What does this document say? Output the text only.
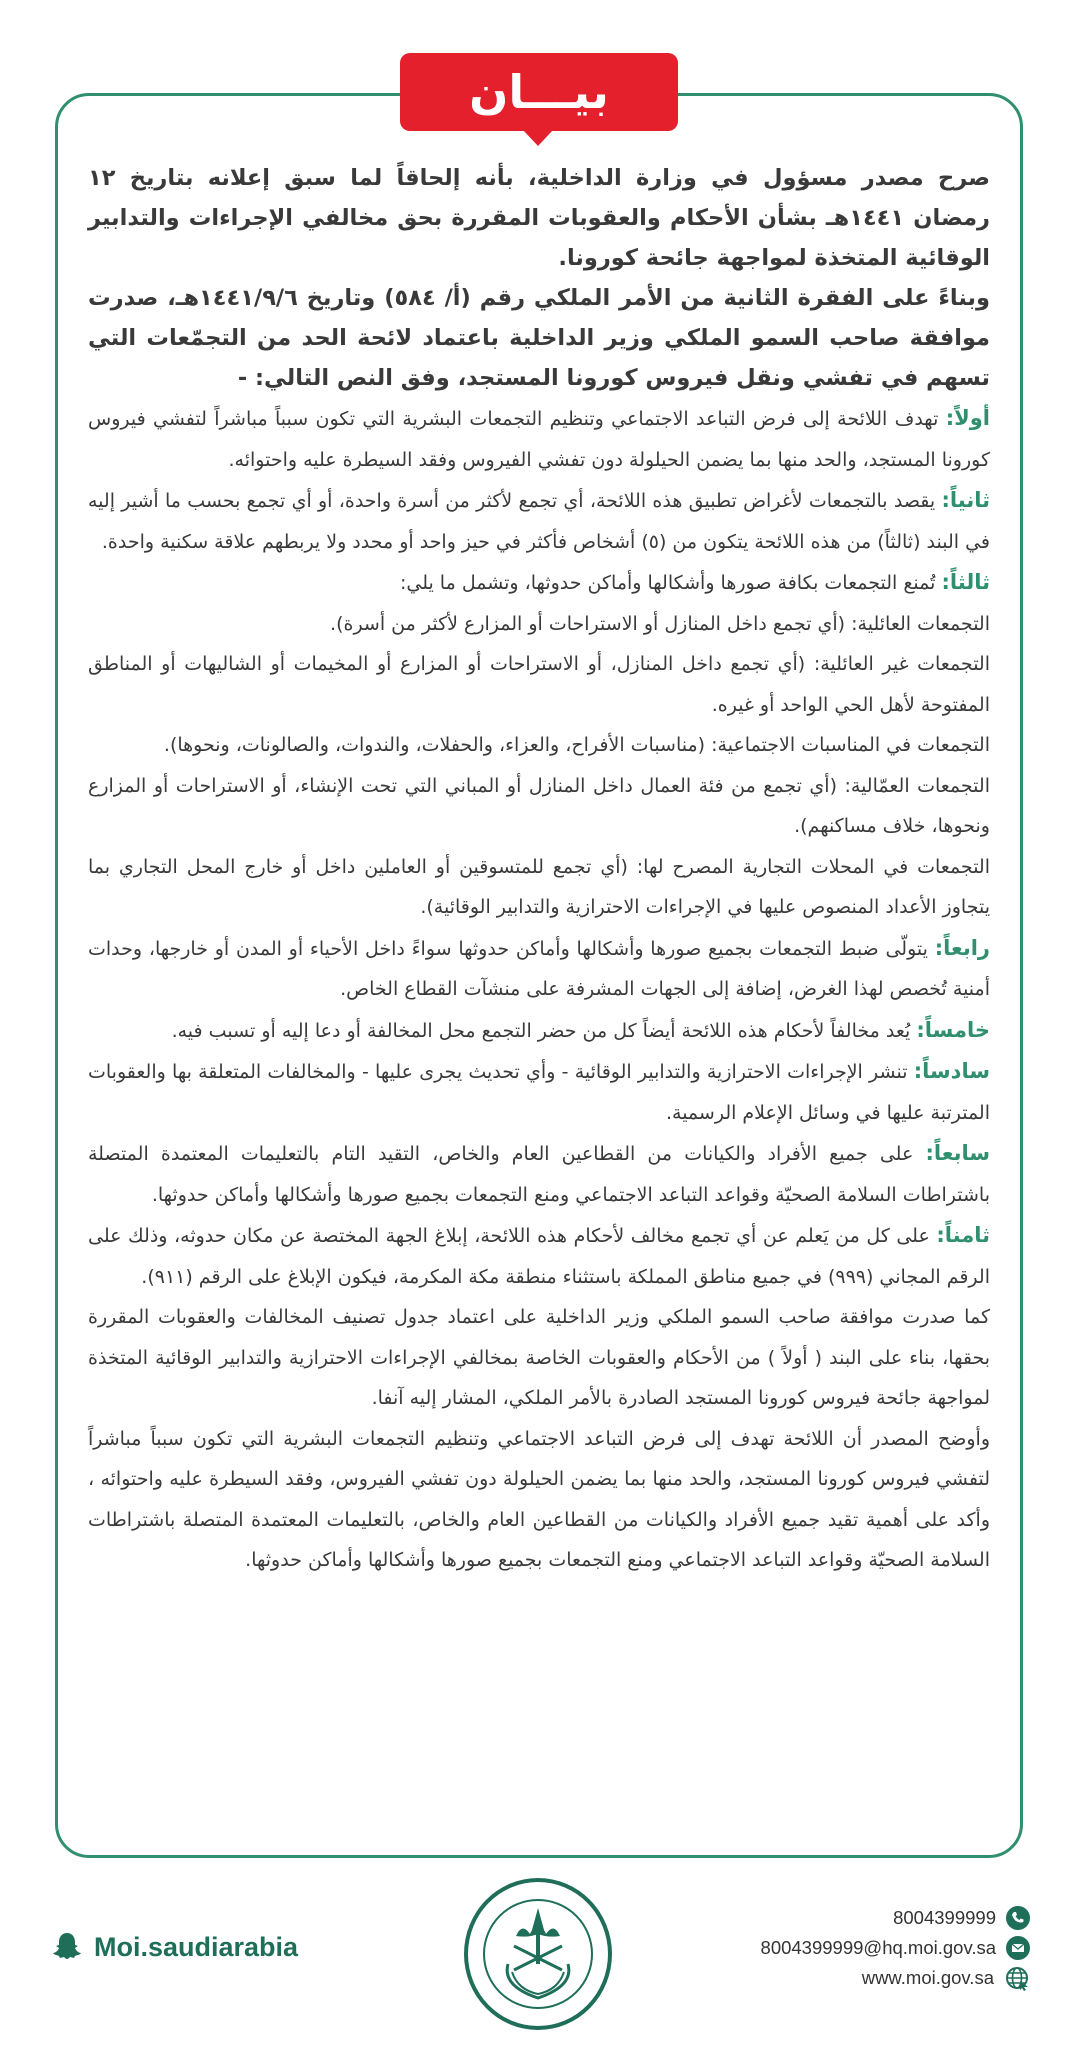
بيـــان

صرح مصدر مسؤول في وزارة الداخلية، بأنه إلحاقاً لما سبق إعلانه بتاريخ ١٢ رمضان ١٤٤١هـ بشأن الأحكام والعقوبات المقررة بحق مخالفي الإجراءات والتدابير الوقائية المتخذة لمواجهة جائحة كورونا.

وبناءً على الفقرة الثانية من الأمر الملكي رقم (أ/ ٥٨٤) وتاريخ ١٤٤١/٩/٦هـ، صدرت موافقة صاحب السمو الملكي وزير الداخلية باعتماد لائحة الحد من التجمّعات التي تسهم في تفشي ونقل فيروس كورونا المستجد، وفق النص التالي: -

أولاً: تهدف اللائحة إلى فرض التباعد الاجتماعي وتنظيم التجمعات البشرية التي تكون سبباً مباشراً لتفشي فيروس كورونا المستجد، والحد منها بما يضمن الحيلولة دون تفشي الفيروس وفقد السيطرة عليه واحتوائه.

ثانياً: يقصد بالتجمعات لأغراض تطبيق هذه اللائحة، أي تجمع لأكثر من أسرة واحدة، أو أي تجمع بحسب ما أشير إليه في البند (ثالثاً) من هذه اللائحة يتكون من (٥) أشخاص فأكثر في حيز واحد أو محدد ولا يربطهم علاقة سكنية واحدة.

ثالثاً: تُمنع التجمعات بكافة صورها وأشكالها وأماكن حدوثها، وتشمل ما يلي:

التجمعات العائلية: (أي تجمع داخل المنازل أو الاستراحات أو المزارع لأكثر من أسرة).

التجمعات غير العائلية: (أي تجمع داخل المنازل، أو الاستراحات أو المزارع أو المخيمات أو الشاليهات أو المناطق المفتوحة لأهل الحي الواحد أو غيره.

التجمعات في المناسبات الاجتماعية: (مناسبات الأفراح، والعزاء، والحفلات، والندوات، والصالونات، ونحوها).

التجمعات العمّالية: (أي تجمع من فئة العمال داخل المنازل أو المباني التي تحت الإنشاء، أو الاستراحات أو المزارع ونحوها، خلاف مساكنهم).

التجمعات في المحلات التجارية المصرح لها: (أي تجمع للمتسوقين أو العاملين داخل أو خارج المحل التجاري بما يتجاوز الأعداد المنصوص عليها في الإجراءات الاحترازية والتدابير الوقائية).

رابعاً: يتولّى ضبط التجمعات بجميع صورها وأشكالها وأماكن حدوثها سواءً داخل الأحياء أو المدن أو خارجها، وحدات أمنية تُخصص لهذا الغرض، إضافة إلى الجهات المشرفة على منشآت القطاع الخاص.

خامساً: يُعد مخالفاً لأحكام هذه اللائحة أيضاً كل من حضر التجمع محل المخالفة أو دعا إليه أو تسبب فيه.

سادساً: تنشر الإجراءات الاحترازية والتدابير الوقائية - وأي تحديث يجرى عليها - والمخالفات المتعلقة بها والعقوبات المترتبة عليها في وسائل الإعلام الرسمية.

سابعاً: على جميع الأفراد والكيانات من القطاعين العام والخاص، التقيد التام بالتعليمات المعتمدة المتصلة باشتراطات السلامة الصحيّة وقواعد التباعد الاجتماعي ومنع التجمعات بجميع صورها وأشكالها وأماكن حدوثها.

ثامناً: على كل من يَعلم عن أي تجمع مخالف لأحكام هذه اللائحة، إبلاغ الجهة المختصة عن مكان حدوثه، وذلك على الرقم المجاني (٩٩٩) في جميع مناطق المملكة باستثناء منطقة مكة المكرمة، فيكون الإبلاغ على الرقم (٩١١).

كما صدرت موافقة صاحب السمو الملكي وزير الداخلية على اعتماد جدول تصنيف المخالفات والعقوبات المقررة بحقها، بناء على البند ( أولاً ) من الأحكام والعقوبات الخاصة بمخالفي الإجراءات الاحترازية والتدابير الوقائية المتخذة لمواجهة جائحة فيروس كورونا المستجد الصادرة بالأمر الملكي، المشار إليه آنفا.

وأوضح المصدر أن اللائحة تهدف إلى فرض التباعد الاجتماعي وتنظيم التجمعات البشرية التي تكون سبباً مباشراً لتفشي فيروس كورونا المستجد، والحد منها بما يضمن الحيلولة دون تفشي الفيروس، وفقد السيطرة عليه واحتوائه ، وأكد على أهمية تقيد جميع الأفراد والكيانات من القطاعين العام والخاص، بالتعليمات المعتمدة المتصلة باشتراطات السلامة الصحيّة وقواعد التباعد الاجتماعي ومنع التجمعات بجميع صورها وأشكالها وأماكن حدوثها.

Moi.saudiarabia
8004399999
8004399999@hq.moi.gov.sa
www.moi.gov.sa
